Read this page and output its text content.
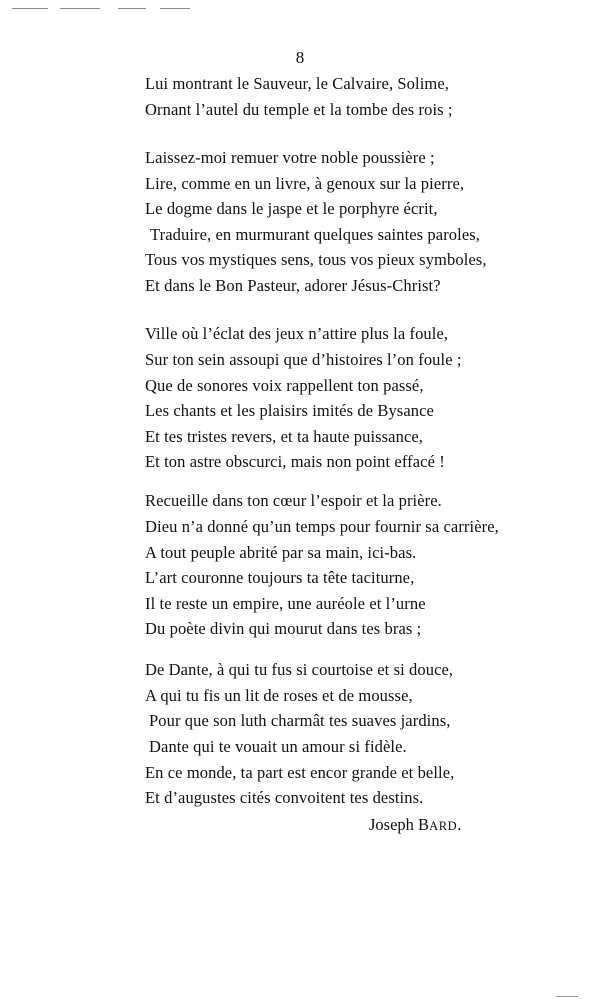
8
Lui montrant le Sauveur, le Calvaire, Solime,
Ornant l’autel du temple et la tombe des rois ;
Laissez-moi remuer votre noble poussière ;
Lire, comme en un livre, à genoux sur la pierre,
Le dogme dans le jaspe et le porphyre écrit,
Traduire, en murmurant quelques saintes paroles,
Tous vos mystiques sens, tous vos pieux symboles,
Et dans le Bon Pasteur, adorer Jésus-Christ?
Ville où l’éclat des jeux n’attire plus la foule,
Sur ton sein assoupi que d’histoires l’on foule ;
Que de sonores voix rappellent ton passé,
Les chants et les plaisirs imités de Bysance
Et tes tristes revers, et ta haute puissance,
Et ton astre obscurci, mais non point effacé !
Recueille dans ton cœur l’espoir et la prière.
Dieu n’a donné qu’un temps pour fournir sa carrière,
A tout peuple abrité par sa main, ici-bas.
L’art couronne toujours ta tête taciturne,
Il te reste un empire, une auréole et l’urne
Du poète divin qui mourut dans tes bras ;
De Dante, à qui tu fus si courtoise et si douce,
A qui tu fis un lit de roses et de mousse,
Pour que son luth charmât tes suaves jardins,
Dante qui te vouait un amour si fidèle.
En ce monde, ta part est encor grande et belle,
Et d’augustes cités convoitent tes destins.
Joseph BARD.
